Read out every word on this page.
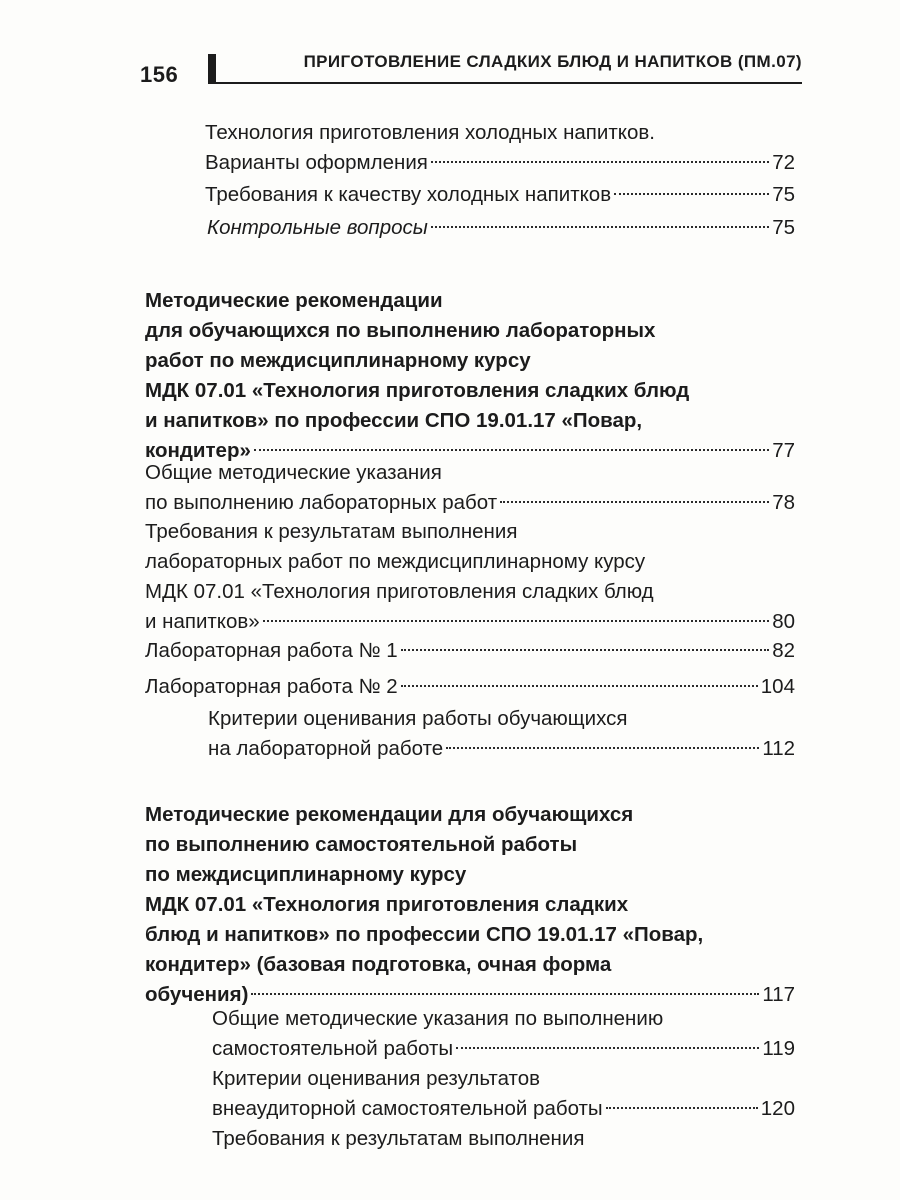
156
ПРИГОТОВЛЕНИЕ СЛАДКИХ БЛЮД И НАПИТКОВ (ПМ.07)
Технология приготовления холодных напитков.
Варианты оформления	72
Требования к качеству холодных напитков	75
Контрольные вопросы	75
Методические рекомендации
для обучающихся по выполнению лабораторных
работ по междисциплинарному курсу
МДК 07.01 «Технология приготовления сладких блюд
и напитков» по профессии СПО 19.01.17 «Повар,
кондитер»	77
Общие методические указания
по выполнению лабораторных работ	78
Требования к результатам выполнения
лабораторных работ по междисциплинарному курсу
МДК 07.01 «Технология приготовления сладких блюд
и напитков»	80
Лабораторная работа № 1	82
Лабораторная работа № 2	104
Критерии оценивания работы обучающихся
на лабораторной работе	112
Методические рекомендации для обучающихся
по выполнению самостоятельной работы
по междисциплинарному курсу
МДК 07.01 «Технология приготовления сладких
блюд и напитков» по профессии СПО 19.01.17 «Повар,
кондитер» (базовая подготовка, очная форма
обучения)	117
Общие методические указания по выполнению
самостоятельной работы	119
Критерии оценивания результатов
внеаудиторной самостоятельной работы	120
Требования к результатам выполнения
